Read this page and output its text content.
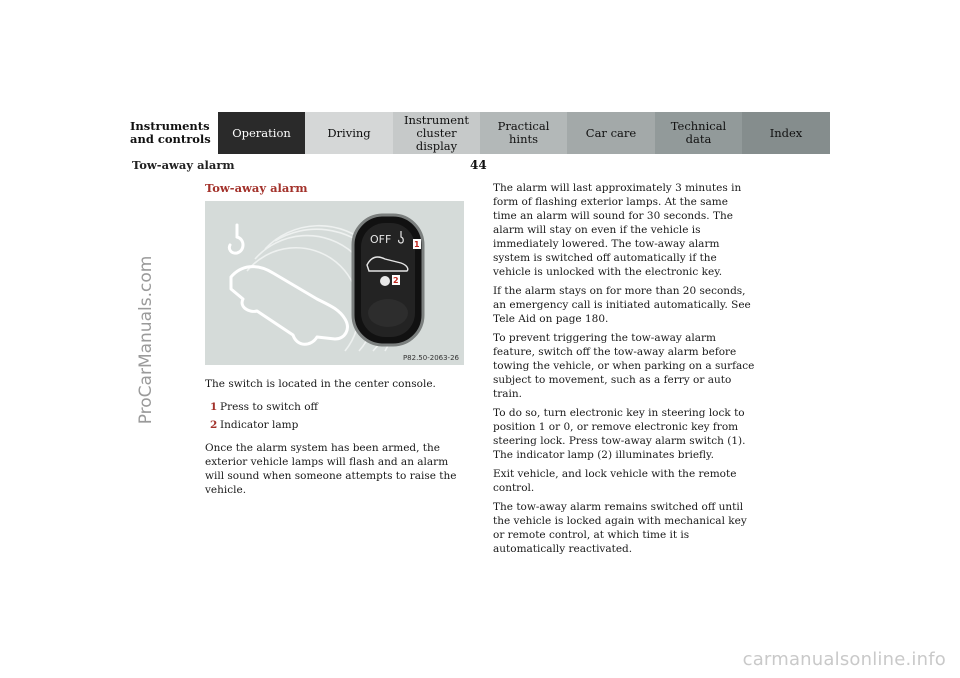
Instruments
and controls Operation	Driving
Instrument
cluster display
Practical hints	Car care	Technical
data	Index
Tow-away alarm	44
Tow-away alarm
OFF	1
2
P82.50-2063-26

The switch is located in the center console.

1 Press to switch off
2 Indicator lamp

Once the alarm system has been armed, the exterior vehicle lamps will flash and an alarm will sound when someone attempts to raise the vehicle.

The alarm will last approximately 3 minutes in form of flashing exterior lamps. At the same time an alarm will sound for 30 seconds. The alarm will stay on even if the vehicle is immediately lowered. The tow-away alarm system is switched off automatically if the vehicle is unlocked with the electronic key.

If the alarm stays on for more than 20 seconds, an emergency call is initiated automatically. See Tele Aid on page 180.

To prevent triggering the tow-away alarm feature, switch off the tow-away alarm before towing the vehicle, or when parking on a surface subject to movement, such as a ferry or auto train.

To do so, turn electronic key in steering lock to position 1 or 0, or remove electronic key from steering lock. Press tow-away alarm switch (1). The indicator lamp (2) illuminates briefly.

Exit vehicle, and lock vehicle with the remote control.

The tow-away alarm remains switched off until the vehicle is locked again with mechanical key or remote control, at which time it is automatically reactivated.

ProCarManuals.com
carmanualsonline.info
